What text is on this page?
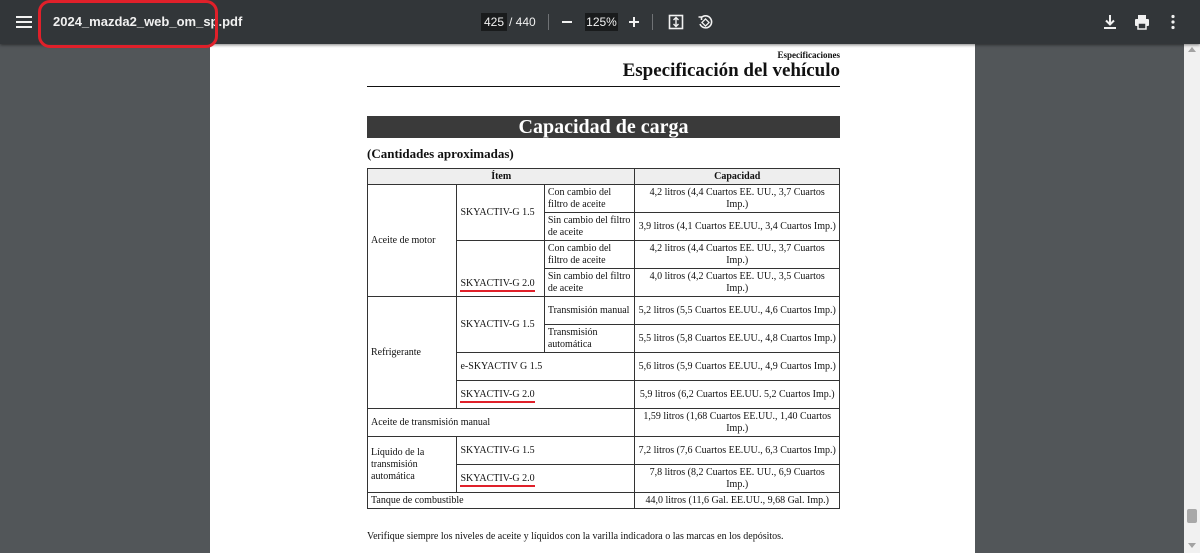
2024_mazda2_web_om_sp.pdf	425 / 440	125%
Especificaciones
Especificación del vehículo
Capacidad de carga
(Cantidades aproximadas)
Ítem			Capacidad
Aceite de motor	SKYACTIV-G 1.5	Con cambio del filtro de aceite	4,2 litros (4,4 Cuartos EE. UU., 3,7 Cuartos Imp.)
		Sin cambio del filtro de aceite	3,9 litros (4,1 Cuartos EE.UU., 3,4 Cuartos Imp.)
	SKYACTIV-G 2.0	Con cambio del filtro de aceite	4,2 litros (4,4 Cuartos EE. UU., 3,7 Cuartos Imp.)
		Sin cambio del filtro de aceite	4,0 litros (4,2 Cuartos EE. UU., 3,5 Cuartos Imp.)
Refrigerante	SKYACTIV-G 1.5	Transmisión manual	5,2 litros (5,5 Cuartos EE.UU., 4,6 Cuartos Imp.)
		Transmisión automática	5,5 litros (5,8 Cuartos EE.UU., 4,8 Cuartos Imp.)
	e-SKYACTIV G 1.5		5,6 litros (5,9 Cuartos EE.UU., 4,9 Cuartos Imp.)
	SKYACTIV-G 2.0		5,9 litros (6,2 Cuartos EE.UU. 5,2 Cuartos Imp.)
Aceite de transmisión manual			1,59 litros (1,68 Cuartos EE.UU., 1,40 Cuartos Imp.)
Líquido de la transmisión automática	SKYACTIV-G 1.5		7,2 litros (7,6 Cuartos EE.UU., 6,3 Cuartos Imp.)
	SKYACTIV-G 2.0		7,8 litros (8,2 Cuartos EE. UU., 6,9 Cuartos Imp.)
Tanque de combustible			44,0 litros (11,6 Gal. EE.UU., 9,68 Gal. Imp.)
Verifique siempre los niveles de aceite y líquidos con la varilla indicadora o las marcas en los depósitos.
